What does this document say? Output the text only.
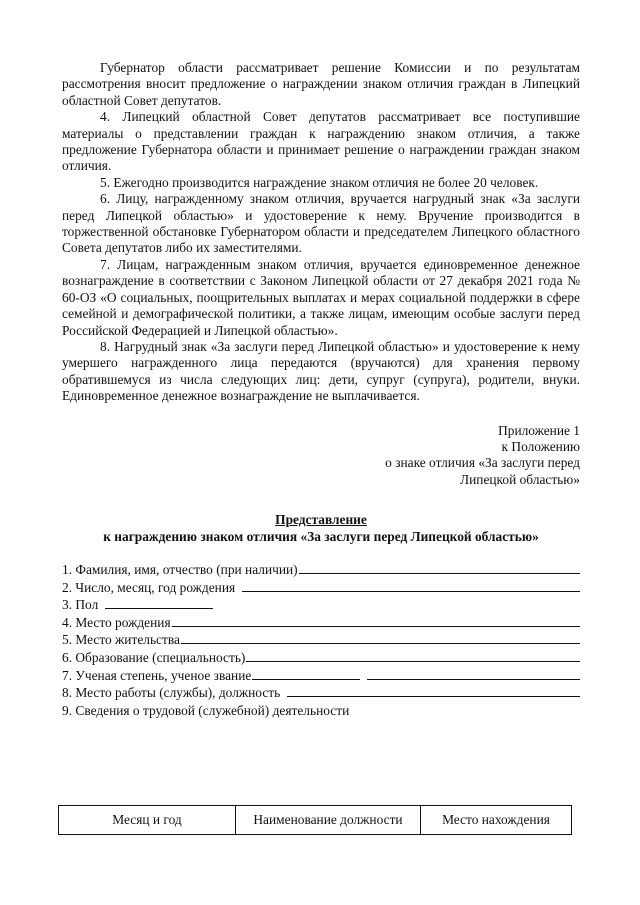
Губернатор области рассматривает решение Комиссии и по результатам рассмотрения вносит предложение о награждении знаком отличия граждан в Липецкий областной Совет депутатов.

4. Липецкий областной Совет депутатов рассматривает все поступившие материалы о представлении граждан к награждению знаком отличия, а также предложение Губернатора области и принимает решение о награждении граждан знаком отличия.

5. Ежегодно производится награждение знаком отличия не более 20 человек.

6. Лицу, награжденному знаком отличия, вручается нагрудный знак «За заслуги перед Липецкой областью» и удостоверение к нему. Вручение производится в торжественной обстановке Губернатором области и председателем Липецкого областного Совета депутатов либо их заместителями.

7. Лицам, награжденным знаком отличия, вручается единовременное денежное вознаграждение в соответствии с Законом Липецкой области от 27 декабря 2021 года № 60-ОЗ «О социальных, поощрительных выплатах и мерах социальной поддержки в сфере семейной и демографической политики, а также лицам, имеющим особые заслуги перед Российской Федерацией и Липецкой областью».

8. Нагрудный знак «За заслуги перед Липецкой областью» и удостоверение к нему умершего награжденного лица передаются (вручаются) для хранения первому обратившемуся из числа следующих лиц: дети, супруг (супруга), родители, внуки. Единовременное денежное вознаграждение не выплачивается.

Приложение 1
к Положению
о знаке отличия «За заслуги перед
Липецкой областью»
Представление
к награждению знаком отличия «За заслуги перед Липецкой областью»
1. Фамилия, имя, отчество (при наличии)
2. Число, месяц, год рождения
3. Пол
4. Место рождения
5. Место жительства
6. Образование (специальность)
7. Ученая степень, ученое звание
8. Место работы (службы), должность
9. Сведения о трудовой (служебной) деятельности
Месяц и год	Наименование должности	Место нахождения
